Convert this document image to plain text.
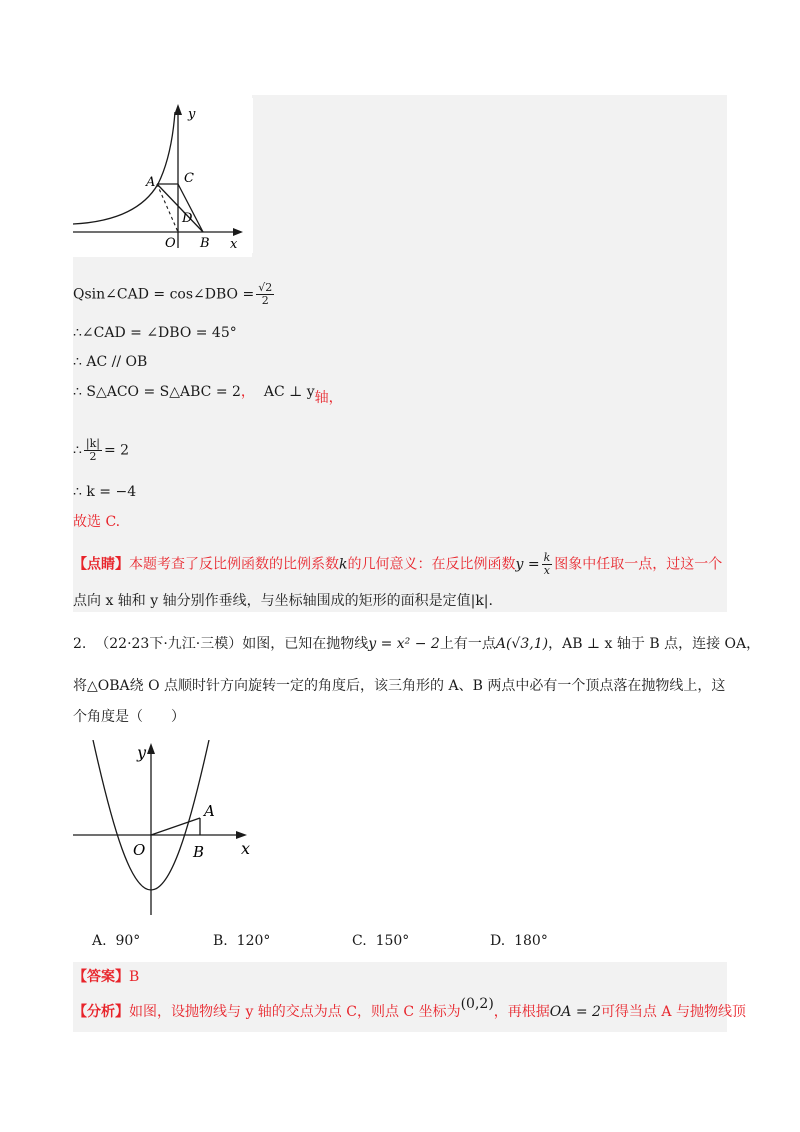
y
A C
D
O B x
Qsin∠CAD = cos∠DBO = $\frac{√2}{2}$
∴∠CAD = ∠DBO = 45°
∴ AC // OB
∴ S△ACO = S△ABC = 2， AC ⊥ y轴，
∴ $\frac{|k|}{2} = 2$
∴ k = −4
故选 C.
【点睛】本题考查了反比例函数的比例系数k的几何意义：在反比例函数$y = \frac{k}{x}$ 图象中任取一点，过这一个
点向 x 轴和 y 轴分别作垂线，与坐标轴围成的矩形的面积是定值|k|.
2. （22·23下·九江·三模）如图，已知在抛物线y = x² − 2上有一点A(√3,1)，AB ⊥ x 轴于 B 点，连接 OA，
将△OBA绕 O 点顺时针方向旋转一定的角度后，该三角形的 A、B 两点中必有一个顶点落在抛物线上，这
个角度是（　　）
y
A
O	B x
A. 90°	B. 120°	C. 150°	D. 180°
【答案】B
【分析】如图，设抛物线与 y 轴的交点为点 C，则点 C 坐标为(0,2)，再根据OA = 2可得当点 A 与抛物线顶
